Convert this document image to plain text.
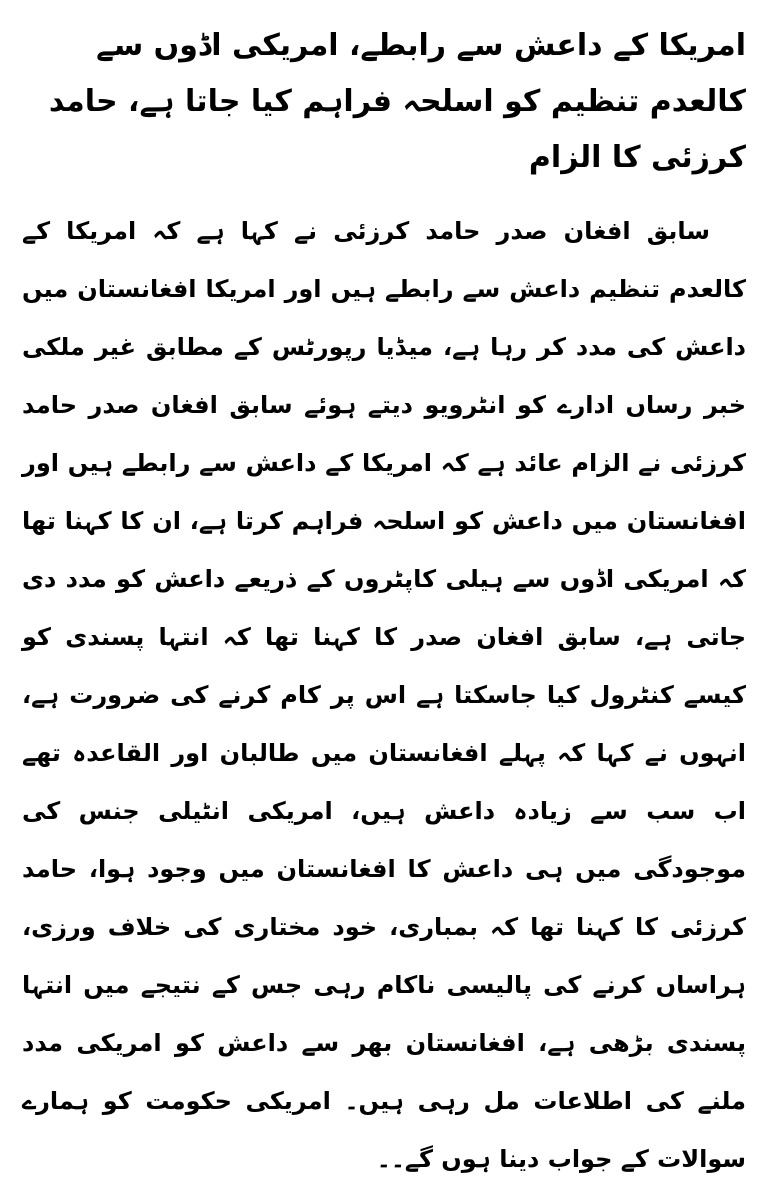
امریکا کے داعش سے رابطے، امریکی اڈوں سے کالعدم تنظیم کو اسلحہ فراہم کیا جاتا ہے، حامد کرزئی کا الزام

سابق افغان صدر حامد کرزئی نے کہا ہے کہ امریکا کے کالعدم تنظیم داعش سے رابطے ہیں اور امریکا افغانستان میں داعش کی مدد کر رہا ہے، میڈیا رپورٹس کے مطابق غیر ملکی خبر رساں ادارے کو انٹرویو دیتے ہوئے سابق افغان صدر حامد کرزئی نے الزام عائد ہے کہ امریکا کے داعش سے رابطے ہیں اور افغانستان میں داعش کو اسلحہ فراہم کرتا ہے، ان کا کہنا تھا کہ امریکی اڈوں سے ہیلی کاپٹروں کے ذریعے داعش کو مدد دی جاتی ہے، سابق افغان صدر کا کہنا تھا کہ انتہا پسندی کو کیسے کنٹرول کیا جاسکتا ہے اس پر کام کرنے کی ضرورت ہے، انہوں نے کہا کہ پہلے افغانستان میں طالبان اور القاعدہ تھے اب سب سے زیادہ داعش ہیں، امریکی انٹیلی جنس کی موجودگی میں ہی داعش کا افغانستان میں وجود ہوا، حامد کرزئی کا کہنا تھا کہ بمباری، خود مختاری کی خلاف ورزی، ہراساں کرنے کی پالیسی ناکام رہی جس کے نتیجے میں انتہا پسندی بڑھی ہے، افغانستان بھر سے داعش کو امریکی مدد ملنے کی اطلاعات مل رہی ہیں۔ امریکی حکومت کو ہمارے سوالات کے جواب دینا ہوں گے۔۔
